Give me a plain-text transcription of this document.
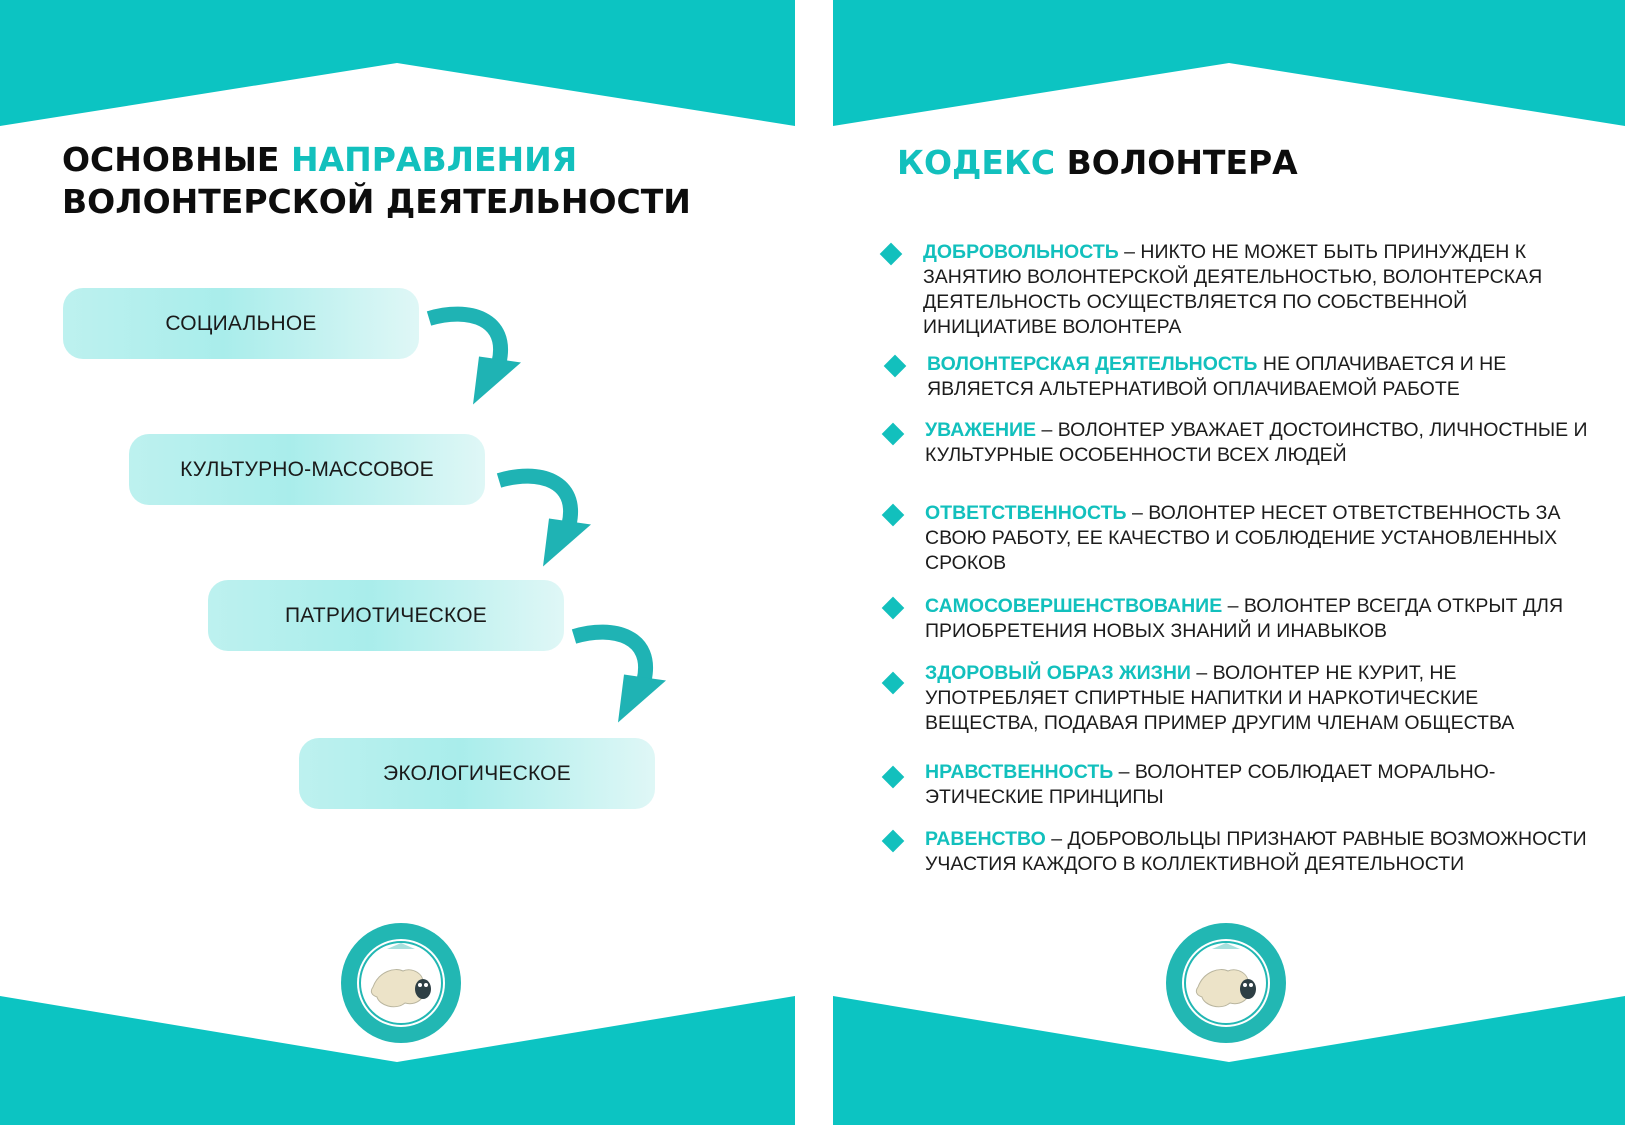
ОСНОВНЫЕ НАПРАВЛЕНИЯ
ВОЛОНТЕРСКОЙ ДЕЯТЕЛЬНОСТИ
СОЦИАЛЬНОЕ
КУЛЬТУРНО-МАССОВОЕ
ПАТРИОТИЧЕСКОЕ
ЭКОЛОГИЧЕСКОЕ
КОДЕКС ВОЛОНТЕРА

ДОБРОВОЛЬНОСТЬ – НИКТО НЕ МОЖЕТ БЫТЬ ПРИНУЖДЕН К ЗАНЯТИЮ ВОЛОНТЕРСКОЙ ДЕЯТЕЛЬНОСТЬЮ, ВОЛОНТЕРСКАЯ ДЕЯТЕЛЬНОСТЬ ОСУЩЕСТВЛЯЕТСЯ ПО СОБСТВЕННОЙ ИНИЦИАТИВЕ ВОЛОНТЕРА

ВОЛОНТЕРСКАЯ ДЕЯТЕЛЬНОСТЬ НЕ ОПЛАЧИВАЕТСЯ И НЕ ЯВЛЯЕТСЯ АЛЬТЕРНАТИВОЙ ОПЛАЧИВАЕМОЙ РАБОТЕ

УВАЖЕНИЕ – ВОЛОНТЕР УВАЖАЕТ ДОСТОИНСТВО, ЛИЧНОСТНЫЕ И КУЛЬТУРНЫЕ ОСОБЕННОСТИ ВСЕХ ЛЮДЕЙ

ОТВЕТСТВЕННОСТЬ – ВОЛОНТЕР НЕСЕТ ОТВЕТСТВЕННОСТЬ ЗА СВОЮ РАБОТУ, ЕЕ КАЧЕСТВО И СОБЛЮДЕНИЕ УСТАНОВЛЕННЫХ СРОКОВ

САМОСОВЕРШЕНСТВОВАНИЕ – ВОЛОНТЕР ВСЕГДА ОТКРЫТ ДЛЯ ПРИОБРЕТЕНИЯ НОВЫХ ЗНАНИЙ И ИНАВЫКОВ

ЗДОРОВЫЙ ОБРАЗ ЖИЗНИ – ВОЛОНТЕР НЕ КУРИТ, НЕ УПОТРЕБЛЯЕТ СПИРТНЫЕ НАПИТКИ И НАРКОТИЧЕСКИЕ ВЕЩЕСТВА, ПОДАВАЯ ПРИМЕР ДРУГИМ ЧЛЕНАМ ОБЩЕСТВА

НРАВСТВЕННОСТЬ – ВОЛОНТЕР СОБЛЮДАЕТ МОРАЛЬНО-ЭТИЧЕСКИЕ ПРИНЦИПЫ

РАВЕНСТВО – ДОБРОВОЛЬЦЫ ПРИЗНАЮТ РАВНЫЕ ВОЗМОЖНОСТИ УЧАСТИЯ КАЖДОГО В КОЛЛЕКТИВНОЙ ДЕЯТЕЛЬНОСТИ
